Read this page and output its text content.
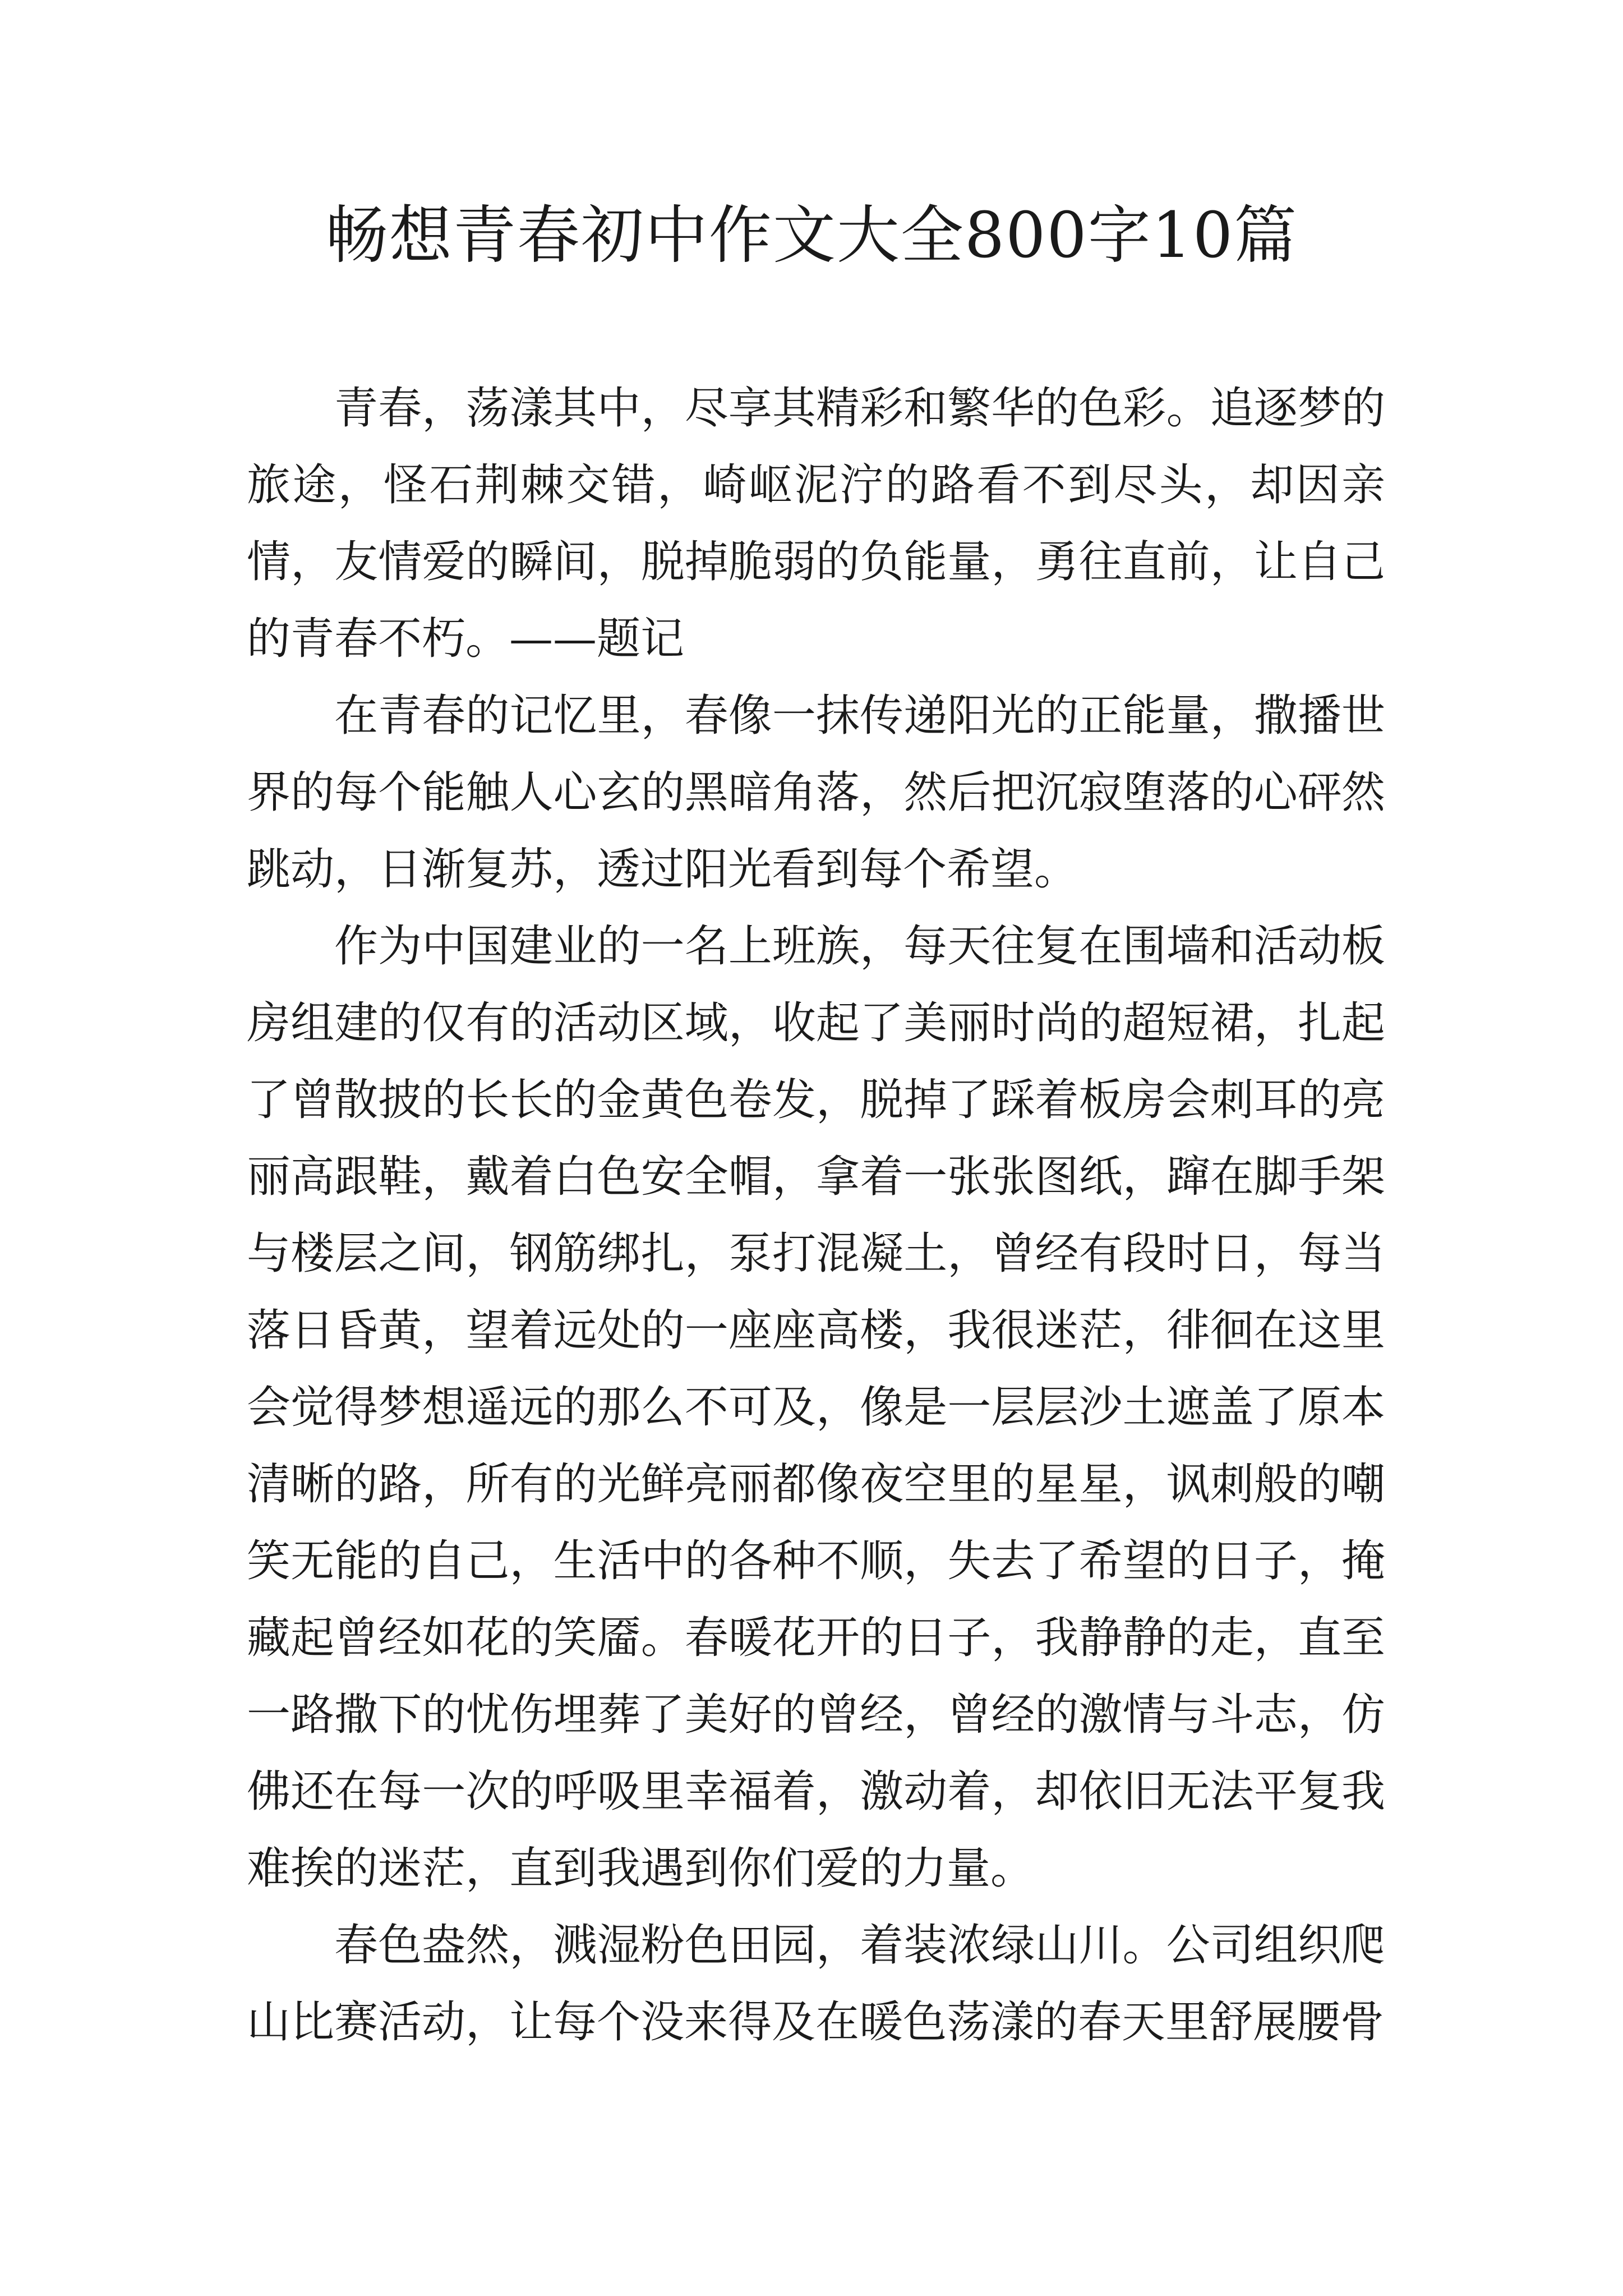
畅想青春初中作文大全800字10篇

青春，荡漾其中，尽享其精彩和繁华的色彩。追逐梦的旅途，怪石荆棘交错，崎岖泥泞的路看不到尽头，却因亲情，友情爱的瞬间，脱掉脆弱的负能量，勇往直前，让自己的青春不朽。——题记

在青春的记忆里，春像一抹传递阳光的正能量，撒播世界的每个能触人心玄的黑暗角落，然后把沉寂堕落的心砰然跳动，日渐复苏，透过阳光看到每个希望。

作为中国建业的一名上班族，每天往复在围墙和活动板房组建的仅有的活动区域，收起了美丽时尚的超短裙，扎起了曾散披的长长的金黄色卷发，脱掉了踩着板房会刺耳的亮丽高跟鞋，戴着白色安全帽，拿着一张张图纸，蹿在脚手架与楼层之间，钢筋绑扎，泵打混凝土，曾经有段时日，每当落日昏黄，望着远处的一座座高楼，我很迷茫，徘徊在这里会觉得梦想遥远的那么不可及，像是一层层沙土遮盖了原本清晰的路，所有的光鲜亮丽都像夜空里的星星，讽刺般的嘲笑无能的自己，生活中的各种不顺，失去了希望的日子，掩藏起曾经如花的笑靥。春暖花开的日子，我静静的走，直至一路撒下的忧伤埋葬了美好的曾经，曾经的激情与斗志，仿佛还在每一次的呼吸里幸福着，激动着，却依旧无法平复我难挨的迷茫，直到我遇到你们爱的力量。

春色盎然，溅湿粉色田园，着装浓绿山川。公司组织爬山比赛活动，让每个没来得及在暖色荡漾的春天里舒展腰骨
